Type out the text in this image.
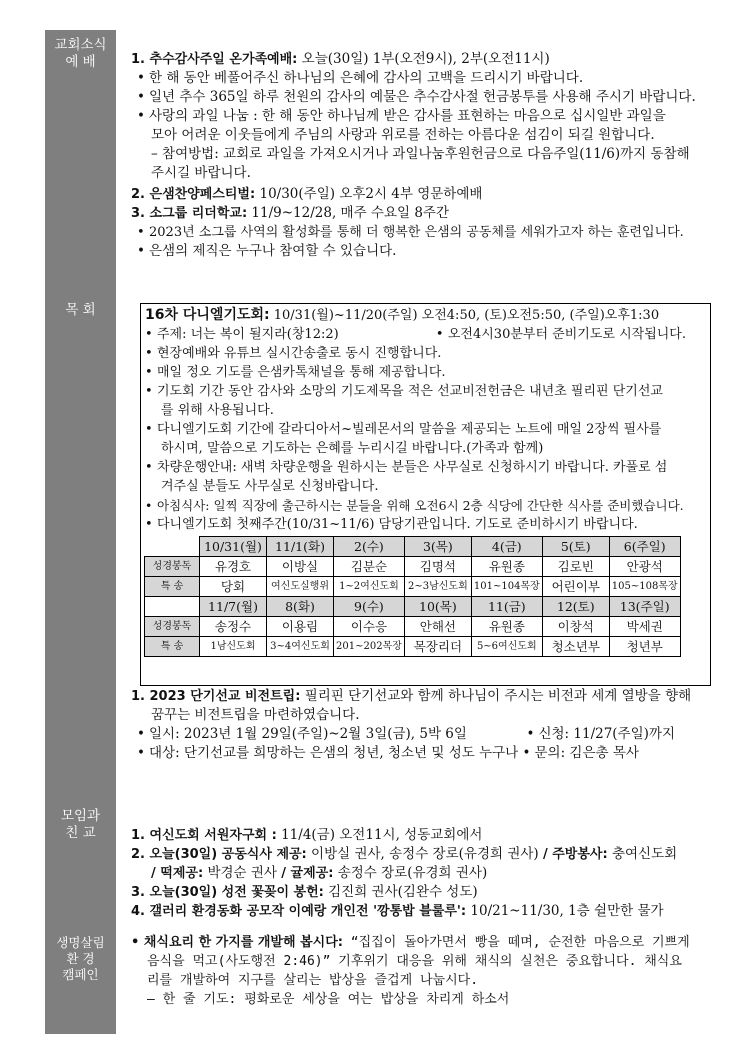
교회소식
예 배
목 회
모임과
친 교
생명살림
환 경
캠페인
1. 추수감사주일 온가족예배: 오늘(30일) 1부(오전9시), 2부(오전11시)
• 한 해 동안 베풀어주신 하나님의 은혜에 감사의 고백을 드리시기 바랍니다.
• 일년 추수 365일 하루 천원의 감사의 예물은 추수감사절 헌금봉투를 사용해 주시기 바랍니다.
• 사랑의 과일 나눔 : 한 해 동안 하나님께 받은 감사를 표현하는 마음으로 십시일반 과일을
모아 어려운 이웃들에게 주님의 사랑과 위로를 전하는 아름다운 섬김이 되길 원합니다.
– 참여방법: 교회로 과일을 가져오시거나 과일나눔후원헌금으로 다음주일(11/6)까지 동참해
주시길 바랍니다.
2. 은샘찬양페스티벌: 10/30(주일) 오후2시 4부 영문하예배
3. 소그룹 리더학교: 11/9~12/28, 매주 수요일 8주간
• 2023년 소그룹 사역의 활성화를 통해 더 행복한 은샘의 공동체를 세워가고자 하는 훈련입니다.
• 은샘의 제직은 누구나 참여할 수 있습니다.
16차 다니엘기도회: 10/31(월)~11/20(주일) 오전4:50, (토)오전5:50, (주일)오후1:30
• 주제: 너는 복이 될지라(창12:2)	• 오전4시30분부터 준비기도로 시작됩니다.
• 현장예배와 유튜브 실시간송출로 동시 진행합니다.
• 매일 정오 기도를 은샘카톡채널을 통해 제공합니다.
• 기도회 기간 동안 감사와 소망의 기도제목을 적은 선교비전헌금은 내년초 필리핀 단기선교
를 위해 사용됩니다.
• 다니엘기도회 기간에 갈라디아서~빌레몬서의 말씀을 제공되는 노트에 매일 2장씩 필사를
하시며, 말씀으로 기도하는 은혜를 누리시길 바랍니다.(가족과 함께)
• 차량운행안내: 새벽 차량운행을 원하시는 분들은 사무실로 신청하시기 바랍니다. 카풀로 섬
겨주실 분들도 사무실로 신청바랍니다.
• 아침식사: 일찍 직장에 출근하시는 분들을 위해 오전6시 2층 식당에 간단한 식사를 준비했습니다.
• 다니엘기도회 첫째주간(10/31~11/6) 담당기관입니다. 기도로 준비하시기 바랍니다.
	10/31(월)	11/1(화)	2(수)	3(목)	4(금)	5(토)	6(주일)
성경봉독	유경호	이방실	김분순	김명석	유원종	김로빈	안광석
특 송	당회	여신도실행위	1~2여신도회	2~3남신도회	101~104목장	어린이부	105~108목장
	11/7(월)	8(화)	9(수)	10(목)	11(금)	12(토)	13(주일)
성경봉독	송정수	이용림	이수응	안해선	유원종	이창석	박세권
특 송	1남신도회	3~4여신도회	201~202목장	목장리더	5~6여신도회	청소년부	청년부
1. 2023 단기선교 비전트립: 필리핀 단기선교와 함께 하나님이 주시는 비전과 세계 열방을 향해
꿈꾸는 비전트립을 마련하였습니다.
• 일시: 2023년 1월 29일(주일)~2월 3일(금), 5박 6일	• 신청: 11/27(주일)까지
• 대상: 단기선교를 희망하는 은샘의 청년, 청소년 및 성도 누구나 • 문의: 김은총 목사
1. 여신도회 서원자구회 : 11/4(금) 오전11시, 성동교회에서
2. 오늘(30일) 공동식사 제공: 이방실 권사, 송정수 장로(유경희 권사) / 주방봉사: 충여신도회
/ 떡제공: 박경순 권사 / 귤제공: 송정수 장로(유경희 권사)
3. 오늘(30일) 성전 꽃꽂이 봉헌: 김진희 권사(김완수 성도)
4. 갤러리 환경동화 공모작 이예랑 개인전 '깡통밥 블룰루': 10/21~11/30, 1층 쉴만한 물가
• 채식요리 한 가지를 개발해 봅시다: “집집이 돌아가면서 빵을 떼며, 순전한 마음으로 기쁘게
음식을 먹고(사도행전 2:46)” 기후위기 대응을 위해 채식의 실천은 중요합니다. 채식요
리를 개발하여 지구를 살리는 밥상을 즐겁게 나눕시다.
– 한 줄 기도: 평화로운 세상을 여는 밥상을 차리게 하소서
